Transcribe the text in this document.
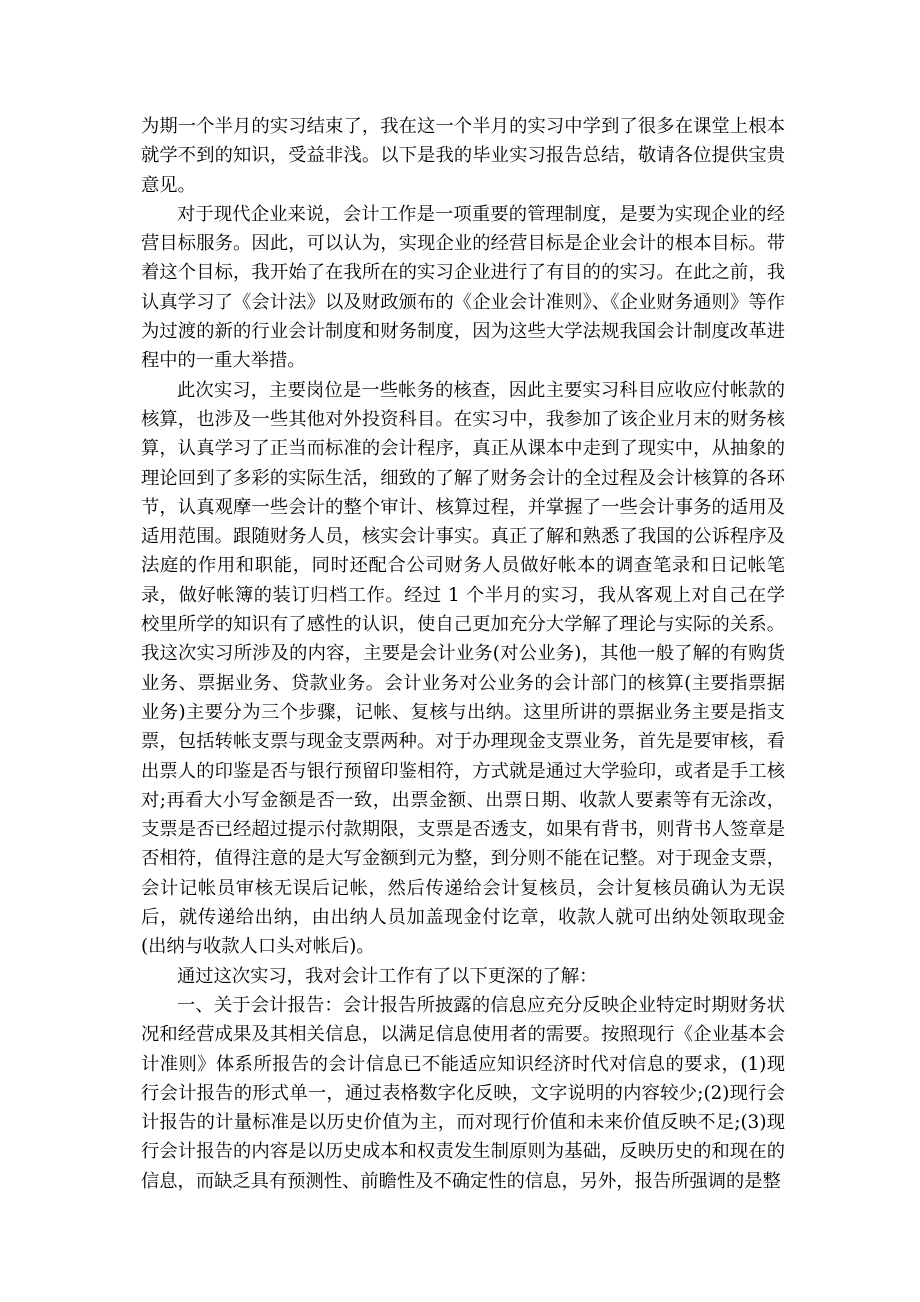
为期一个半月的实习结束了，我在这一个半月的实习中学到了很多在课堂上根本就学不到的知识，受益非浅。以下是我的毕业实习报告总结，敬请各位提供宝贵意见。

对于现代企业来说，会计工作是一项重要的管理制度，是要为实现企业的经营目标服务。因此，可以认为，实现企业的经营目标是企业会计的根本目标。带着这个目标，我开始了在我所在的实习企业进行了有目的的实习。在此之前，我认真学习了《会计法》以及财政颁布的《企业会计准则》、《企业财务通则》等作为过渡的新的行业会计制度和财务制度，因为这些大学法规我国会计制度改革进程中的一重大举措。

此次实习，主要岗位是一些帐务的核查，因此主要实习科目应收应付帐款的核算，也涉及一些其他对外投资科目。在实习中，我参加了该企业月末的财务核算，认真学习了正当而标准的会计程序，真正从课本中走到了现实中，从抽象的理论回到了多彩的实际生活，细致的了解了财务会计的全过程及会计核算的各环节，认真观摩一些会计的整个审计、核算过程，并掌握了一些会计事务的适用及适用范围。跟随财务人员，核实会计事实。真正了解和熟悉了我国的公诉程序及法庭的作用和职能，同时还配合公司财务人员做好帐本的调查笔录和日记帐笔录，做好帐簿的装订归档工作。经过 1 个半月的实习，我从客观上对自己在学校里所学的知识有了感性的认识，使自己更加充分大学解了理论与实际的关系。我这次实习所涉及的内容，主要是会计业务(对公业务)，其他一般了解的有购货业务、票据业务、贷款业务。会计业务对公业务的会计部门的核算(主要指票据业务)主要分为三个步骤，记帐、复核与出纳。这里所讲的票据业务主要是指支票，包括转帐支票与现金支票两种。对于办理现金支票业务，首先是要审核，看出票人的印鉴是否与银行预留印鉴相符，方式就是通过大学验印，或者是手工核对;再看大小写金额是否一致，出票金额、出票日期、收款人要素等有无涂改，支票是否已经超过提示付款期限，支票是否透支，如果有背书，则背书人签章是否相符，值得注意的是大写金额到元为整，到分则不能在记整。对于现金支票，会计记帐员审核无误后记帐，然后传递给会计复核员，会计复核员确认为无误后，就传递给出纳，由出纳人员加盖现金付讫章，收款人就可出纳处领取现金(出纳与收款人口头对帐后)。

通过这次实习，我对会计工作有了以下更深的了解：

一、关于会计报告：会计报告所披露的信息应充分反映企业特定时期财务状况和经营成果及其相关信息，以满足信息使用者的需要。按照现行《企业基本会计准则》体系所报告的会计信息已不能适应知识经济时代对信息的要求，(1)现行会计报告的形式单一，通过表格数字化反映，文字说明的内容较少;(2)现行会计报告的计量标准是以历史价值为主，而对现行价值和未来价值反映不足;(3)现行会计报告的内容是以历史成本和权责发生制原则为基础，反映历史的和现在的信息，而缺乏具有预测性、前瞻性及不确定性的信息，另外，报告所强调的是整
